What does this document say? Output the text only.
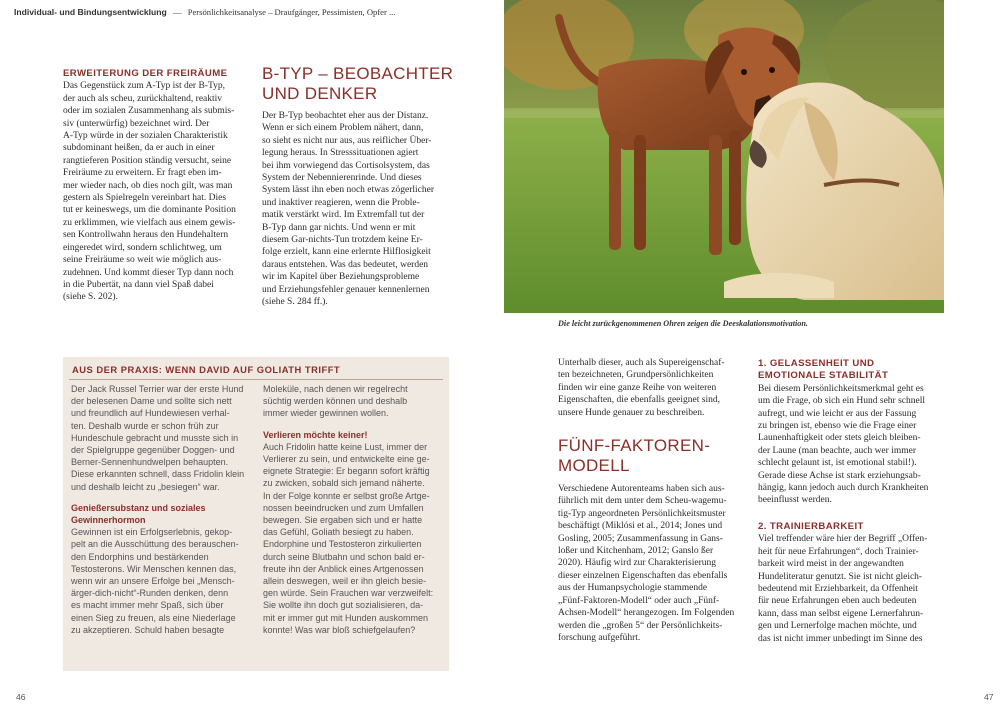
Individual- und Bindungsentwicklung — Persönlichkeitsanalyse – Draufgänger, Pessimisten, Opfer ...
ERWEITERUNG DER FREIRÄUME
Das Gegenstück zum A-Typ ist der B-Typ,
der auch als scheu, zurückhaltend, reaktiv
oder im sozialen Zusammenhang als submis-
siv (unterwürfig) bezeichnet wird. Der
A-Typ würde in der sozialen Charakteristik
subdominant heißen, da er auch in einer
rangtieferen Position ständig versucht, seine
Freiräume zu erweitern. Er fragt eben im-
mer wieder nach, ob dies noch gilt, was man
gestern als Spielregeln vereinbart hat. Dies
tut er keineswegs, um die dominante Position
zu erklimmen, wie vielfach aus einem gewis-
sen Kontrollwahn heraus den Hundehaltern
eingeredet wird, sondern schlichtweg, um
seine Freiräume so weit wie möglich aus-
zudehnen. Und kommt dieser Typ dann noch
in die Pubertät, na dann viel Spaß dabei
(siehe S. 202).
B-TYP – BEOBACHTER
UND DENKER
Der B-Typ beobachtet eher aus der Distanz.
Wenn er sich einem Problem nähert, dann,
so sieht es nicht nur aus, aus reiflicher Über-
legung heraus. In Stresssituationen agiert
bei ihm vorwiegend das Cortisolsystem, das
System der Nebennierenrinde. Und dieses
System lässt ihn eben noch etwas zögerlicher
und inaktiver reagieren, wenn die Proble-
matik verstärkt wird. Im Extremfall tut der
B-Typ dann gar nichts. Und wenn er mit
diesem Gar-nichts-Tun trotzdem keine Er-
folge erzielt, kann eine erlernte Hilflosigkeit
daraus entstehen. Was das bedeutet, werden
wir im Kapitel über Beziehungsprobleme
und Erziehungsfehler genauer kennenlernen
(siehe S. 284 ff.).
AUS DER PRAXIS: WENN DAVID AUF GOLIATH TRIFFT
Der Jack Russel Terrier war der erste Hund
der belesenen Dame und sollte sich nett
und freundlich auf Hundewiesen verhal-
ten. Deshalb wurde er schon früh zur
Hundeschule gebracht und musste sich in
der Spielgruppe gegenüber Doggen- und
Berner-Sennenhundwelpen behaupten.
Diese erkannten schnell, dass Fridolin klein
und deshalb leicht zu „besiegen“ war.
Genießersubstanz und soziales
Gewinnerhormon
Gewinnen ist ein Erfolgserlebnis, gekop-
pelt an die Ausschüttung des berauschen-
den Endorphins und bestärkenden
Testosterons. Wir Menschen kennen das,
wenn wir an unsere Erfolge bei „Mensch-
ärger-dich-nicht“-Runden denken, denn
es macht immer mehr Spaß, sich über
einen Sieg zu freuen, als eine Niederlage
zu akzeptieren. Schuld haben besagte
Moleküle, nach denen wir regelrecht
süchtig werden können und deshalb
immer wieder gewinnen wollen.
Verlieren möchte keiner!
Auch Fridolin hatte keine Lust, immer der
Verlierer zu sein, und entwickelte eine ge-
eignete Strategie: Er begann sofort kräftig
zu zwicken, sobald sich jemand näherte.
In der Folge konnte er selbst große Artge-
nossen beeindrucken und zum Umfallen
bewegen. Sie ergaben sich und er hatte
das Gefühl, Goliath besiegt zu haben.
Endorphine und Testosteron zirkulierten
durch seine Blutbahn und schon bald er-
freute ihn der Anblick eines Artgenossen
allein deswegen, weil er ihn gleich besie-
gen würde. Sein Frauchen war verzweifelt:
Sie wollte ihn doch gut sozialisieren, da-
mit er immer gut mit Hunden auskommen
konnte! Was war bloß schiefgelaufen?
46
Die leicht zurückgenommenen Ohren zeigen die Deeskalationsmotivation.
Unterhalb dieser, auch als Supereigenschaf-
ten bezeichneten, Grundpersönlichkeiten
finden wir eine ganze Reihe von weiteren
Eigenschaften, die ebenfalls geeignet sind,
unsere Hunde genauer zu beschreiben.
FÜNF-FAKTOREN-
MODELL
Verschiedene Autorenteams haben sich aus-
führlich mit dem unter dem Scheu-wagemu-
tig-Typ angeordneten Persönlichkeitsmuster
beschäftigt (Miklósi et al., 2014; Jones und
Gosling, 2005; Zusammenfassung in Gans-
loßer und Kitchenham, 2012; Ganslo ßer
2020). Häufig wird zur Charakterisierung
dieser einzelnen Eigenschaften das ebenfalls
aus der Humanpsychologie stammende
„Fünf-Faktoren-Modell“ oder auch „Fünf-
Achsen-Modell“ herangezogen. Im Folgenden
werden die „großen 5“ der Persönlichkeits-
forschung aufgeführt.
1. GELASSENHEIT UND
EMOTIONALE STABILITÄT
Bei diesem Persönlichkeitsmerkmal geht es
um die Frage, ob sich ein Hund sehr schnell
aufregt, und wie leicht er aus der Fassung
zu bringen ist, ebenso wie die Frage einer
Launenhaftigkeit oder stets gleich bleiben-
der Laune (man beachte, auch wer immer
schlecht gelaunt ist, ist emotional stabil!).
Gerade diese Achse ist stark erziehungsab-
hängig, kann jedoch auch durch Krankheiten
beeinflusst werden.
2. TRAINIERBARKEIT
Viel treffender wäre hier der Begriff „Offen-
heit für neue Erfahrungen“, doch Trainier-
barkeit wird meist in der angewandten
Hundeliteratur genutzt. Sie ist nicht gleich-
bedeutend mit Erziehbarkeit, da Offenheit
für neue Erfahrungen eben auch bedeuten
kann, dass man selbst eigene Lernerfahrun-
gen und Lernerfolge machen möchte, und
das ist nicht immer unbedingt im Sinne des
47
